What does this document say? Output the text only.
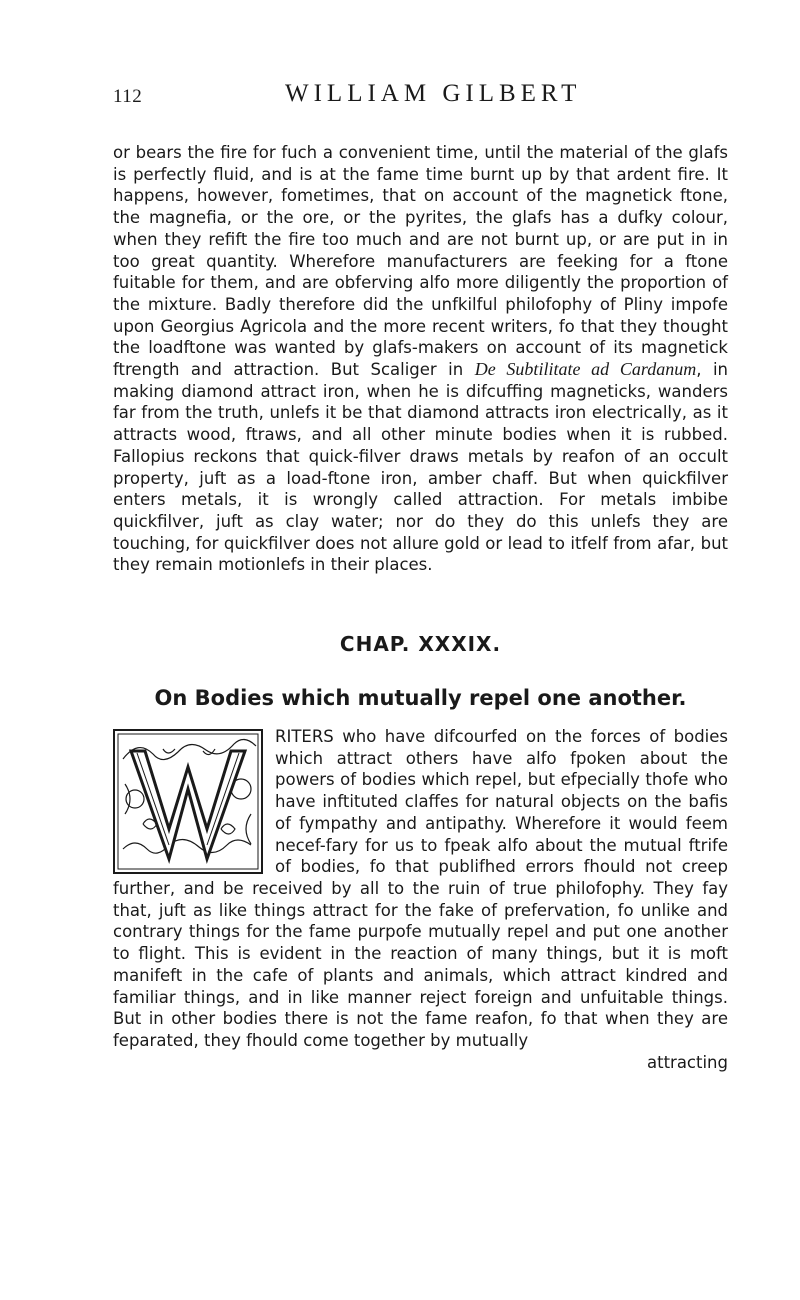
112	WILLIAM GILBERT

or bears the fire for fuch a convenient time, until the material of the glafs is perfectly fluid, and is at the fame time burnt up by that ardent fire. It happens, however, fometimes, that on account of the magnetick ftone, the magnefia, or the ore, or the pyrites, the glafs has a dufky colour, when they refift the fire too much and are not burnt up, or are put in in too great quantity. Wherefore manufacturers are feeking for a ftone fuitable for them, and are obferving alfo more diligently the proportion of the mixture. Badly therefore did the unfkilful philofophy of Pliny impofe upon Georgius Agricola and the more recent writers, fo that they thought the loadftone was wanted by glafs-makers on account of its magnetick ftrength and attraction. But Scaliger in De Subtilitate ad Cardanum, in making diamond attract iron, when he is difcuffing magneticks, wanders far from the truth, unlefs it be that diamond attracts iron electrically, as it attracts wood, ftraws, and all other minute bodies when it is rubbed. Fallopius reckons that quick-filver draws metals by reafon of an occult property, juft as a load-ftone iron, amber chaff. But when quickfilver enters metals, it is wrongly called attraction. For metals imbibe quickfilver, juft as clay water; nor do they do this unlefs they are touching, for quickfilver does not allure gold or lead to itfelf from afar, but they remain motionlefs in their places.

CHAP. XXXIX.
On Bodies which mutually repel one another.

RITERS who have difcourfed on the forces of bodies which attract others have alfo fpoken about the powers of bodies which repel, but efpecially thofe who have inftituted claffes for natural objects on the bafis of fympathy and antipathy. Wherefore it would feem necef-fary for us to fpeak alfo about the mutual ftrife of bodies, fo that publifhed errors fhould not creep further, and be received by all to the ruin of true philofophy. They fay that, juft as like things attract for the fake of prefervation, fo unlike and contrary things for the fame purpofe mutually repel and put one another to flight. This is evident in the reaction of many things, but it is moft manifeft in the cafe of plants and animals, which attract kindred and familiar things, and in like manner reject foreign and unfuitable things. But in other bodies there is not the fame reafon, fo that when they are feparated, they fhould come together by mutually

attracting
